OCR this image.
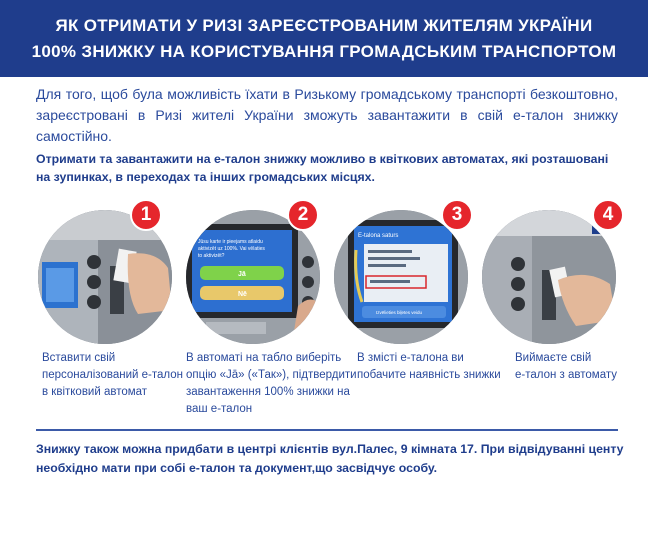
ЯК ОТРИМАТИ У РИЗІ ЗАРЕЄСТРОВАНИМ ЖИТЕЛЯМ УКРАЇНИ
100% ЗНИЖКУ НА КОРИСТУВАННЯ ГРОМАДСЬКИМ ТРАНСПОРТОМ

Для того, щоб була можливість їхати в Ризькому громадському транспорті безкоштовно, зареєстровані в Ризі жителі України зможуть завантажити в свій е-талон знижку самостійно.

Отримати та завантажити на е-талон знижку можливо в квіткових автоматах, які розташовані на зупинках, в переходах та інших громадських місцях.

1
Вставити свій
персоналізований е-талон
в квітковий автомат
Jūsu karte ir pieejams atlaidu
aktivizēt uz 100%. Vai vēlaties
to aktivizēt?
Jā
Nē
2
В автоматі на табло виберіть
опцію «Jā» («Так»), підтвердити
завантаження 100% знижки на
ваш е-талон
E-talona saturs
Izvēlieties biļetes veidu
3
В змісті е-талона ви
побачите наявність знижки
4
Виймаєте свій
е-талон з автомату

Знижку також можна придбати в центрі клієнтів вул.Палес, 9 кімната 17. При відвідуванні центу необхідно мати при собі е-талон та документ,що засвідчує особу.
